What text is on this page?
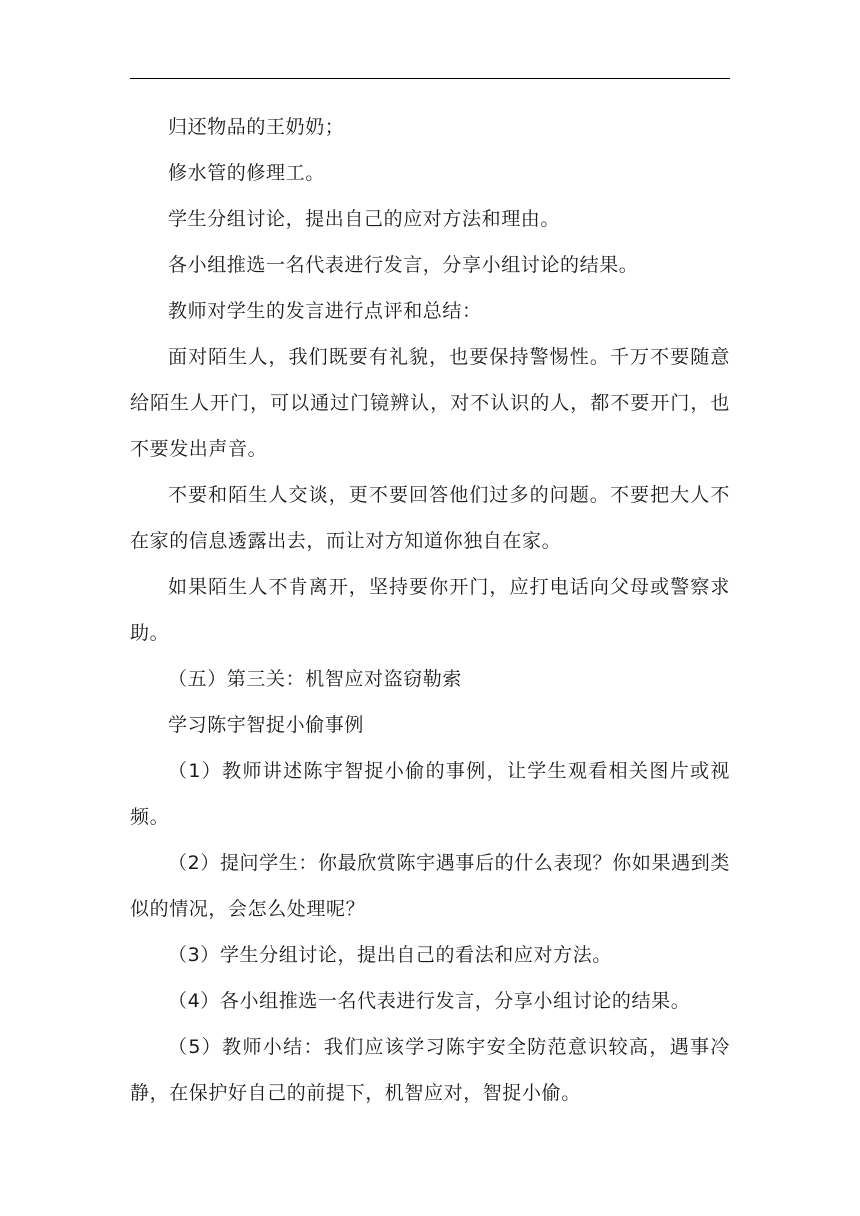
归还物品的王奶奶；

修水管的修理工。

学生分组讨论，提出自己的应对方法和理由。

各小组推选一名代表进行发言，分享小组讨论的结果。

教师对学生的发言进行点评和总结：

面对陌生人，我们既要有礼貌，也要保持警惕性。千万不要随意给陌生人开门，可以通过门镜辨认，对不认识的人，都不要开门，也不要发出声音。

不要和陌生人交谈，更不要回答他们过多的问题。不要把大人不在家的信息透露出去，而让对方知道你独自在家。

如果陌生人不肯离开，坚持要你开门，应打电话向父母或警察求助。

（五）第三关：机智应对盗窃勒索

学习陈宇智捉小偷事例

（1）教师讲述陈宇智捉小偷的事例，让学生观看相关图片或视频。

（2）提问学生：你最欣赏陈宇遇事后的什么表现？你如果遇到类似的情况，会怎么处理呢？

（3）学生分组讨论，提出自己的看法和应对方法。

（4）各小组推选一名代表进行发言，分享小组讨论的结果。

（5）教师小结：我们应该学习陈宇安全防范意识较高，遇事冷静，在保护好自己的前提下，机智应对，智捉小偷。
